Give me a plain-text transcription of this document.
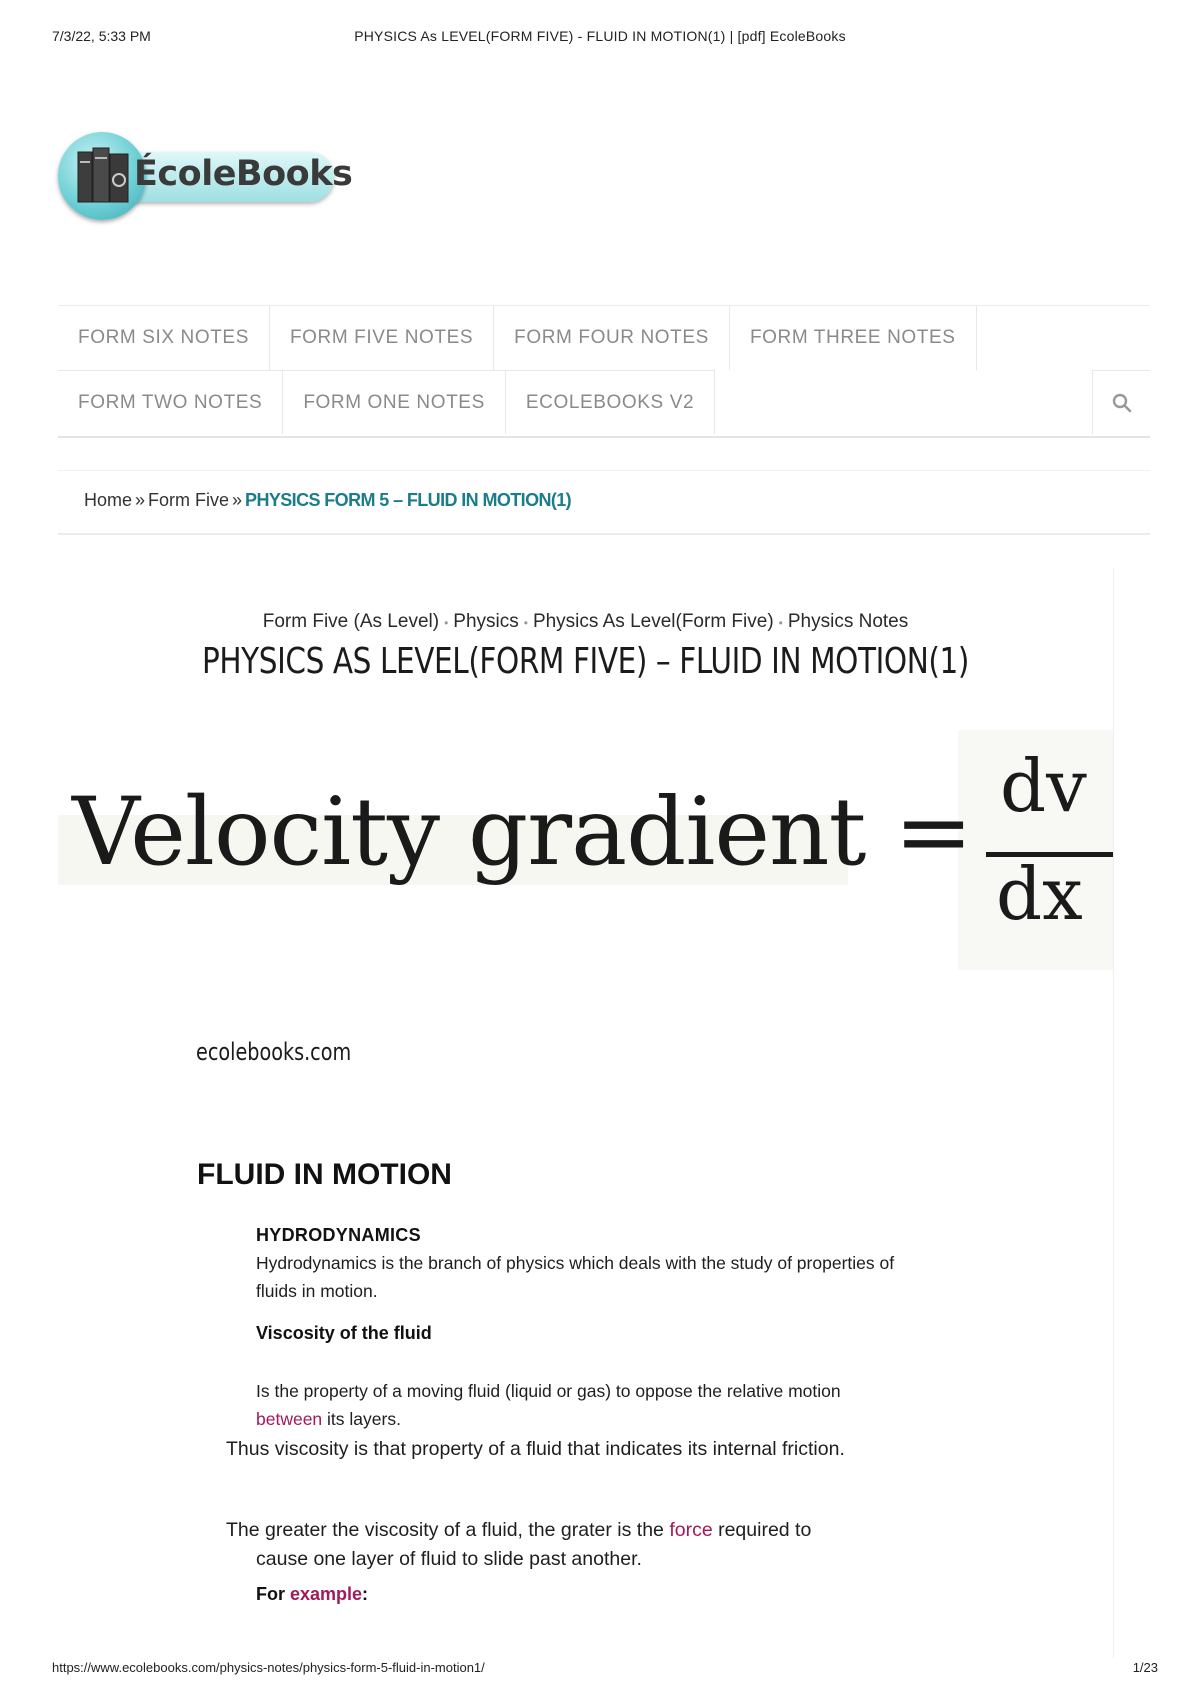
7/3/22, 5:33 PM	PHYSICS As LEVEL(FORM FIVE) - FLUID IN MOTION(1) | [pdf] EcoleBooks
ÉcoleBooks
FORM SIX NOTES	FORM FIVE NOTES	FORM FOUR NOTES	FORM THREE NOTES
FORM TWO NOTES	FORM ONE NOTES	ECOLEBOOKS V2
Home » Form Five » PHYSICS FORM 5 – FLUID IN MOTION(1)
Form Five (As Level) • Physics • Physics As Level(Form Five) • Physics Notes
PHYSICS AS LEVEL(FORM FIVE) – FLUID IN MOTION(1)
Velocity gradient = dv
dx
ecolebooks.com
FLUID IN MOTION
HYDRODYNAMICS
Hydrodynamics is the branch of physics which deals with the study of properties of fluids in motion.
Viscosity of the fluid
Is the property of a moving fluid (liquid or gas) to oppose the relative motion between its layers.
Thus viscosity is that property of a fluid that indicates its internal friction.
The greater the viscosity of a fluid, the grater is the force required to
cause one layer of fluid to slide past another.
For example:
https://www.ecolebooks.com/physics-notes/physics-form-5-fluid-in-motion1/	1/23
